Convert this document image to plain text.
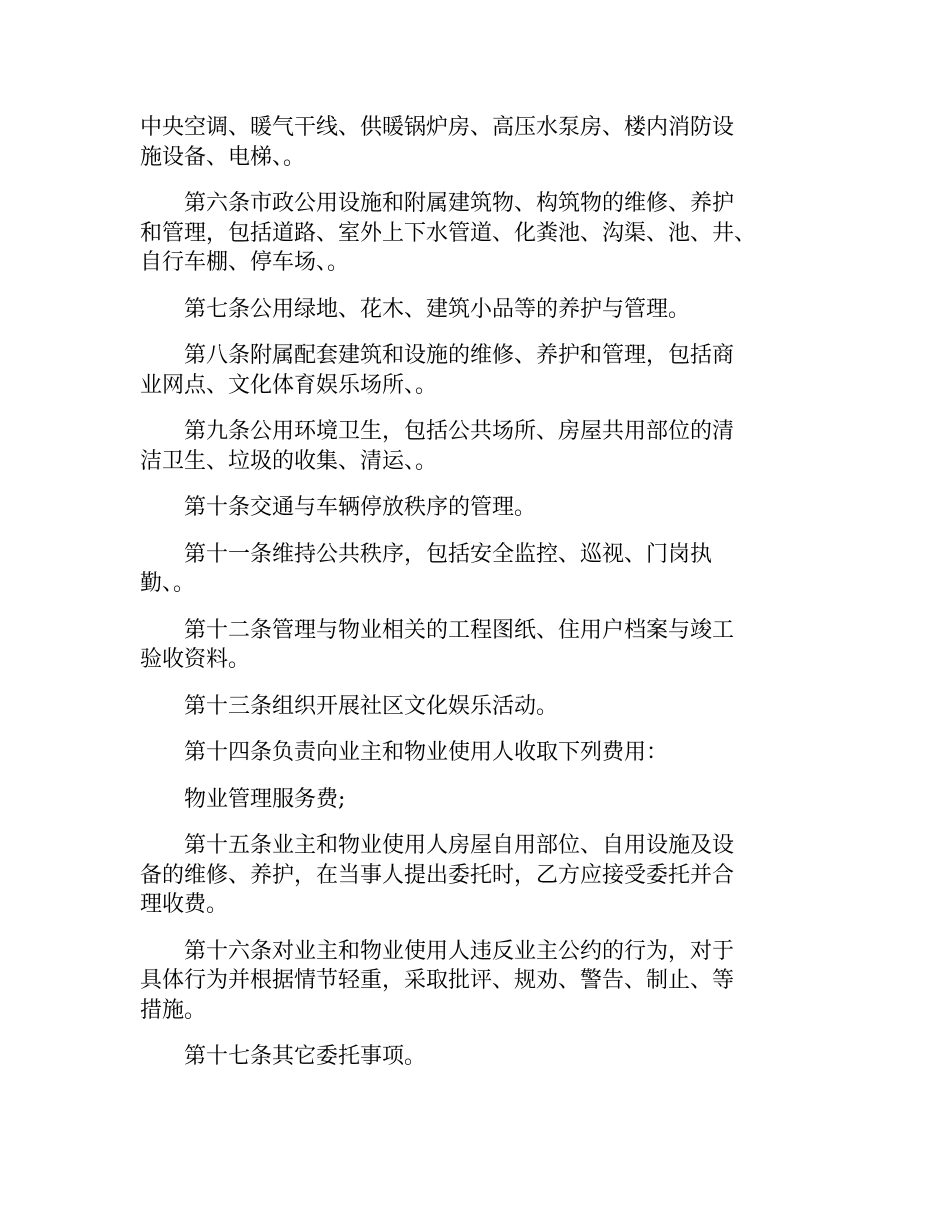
中央空调、暖气干线、供暖锅炉房、高压水泵房、楼内消防设
施设备、电梯、。
第六条市政公用设施和附属建筑物、构筑物的维修、养护
和管理，包括道路、室外上下水管道、化粪池、沟渠、池、井、
自行车棚、停车场、。
第七条公用绿地、花木、建筑小品等的养护与管理。
第八条附属配套建筑和设施的维修、养护和管理，包括商
业网点、文化体育娱乐场所、。
第九条公用环境卫生，包括公共场所、房屋共用部位的清
洁卫生、垃圾的收集、清运、。
第十条交通与车辆停放秩序的管理。
第十一条维持公共秩序，包括安全监控、巡视、门岗执
勤、。
第十二条管理与物业相关的工程图纸、住用户档案与竣工
验收资料。
第十三条组织开展社区文化娱乐活动。
第十四条负责向业主和物业使用人收取下列费用：
物业管理服务费;
第十五条业主和物业使用人房屋自用部位、自用设施及设
备的维修、养护，在当事人提出委托时，乙方应接受委托并合
理收费。
第十六条对业主和物业使用人违反业主公约的行为，对于
具体行为并根据情节轻重，采取批评、规劝、警告、制止、等
措施。
第十七条其它委托事项。
